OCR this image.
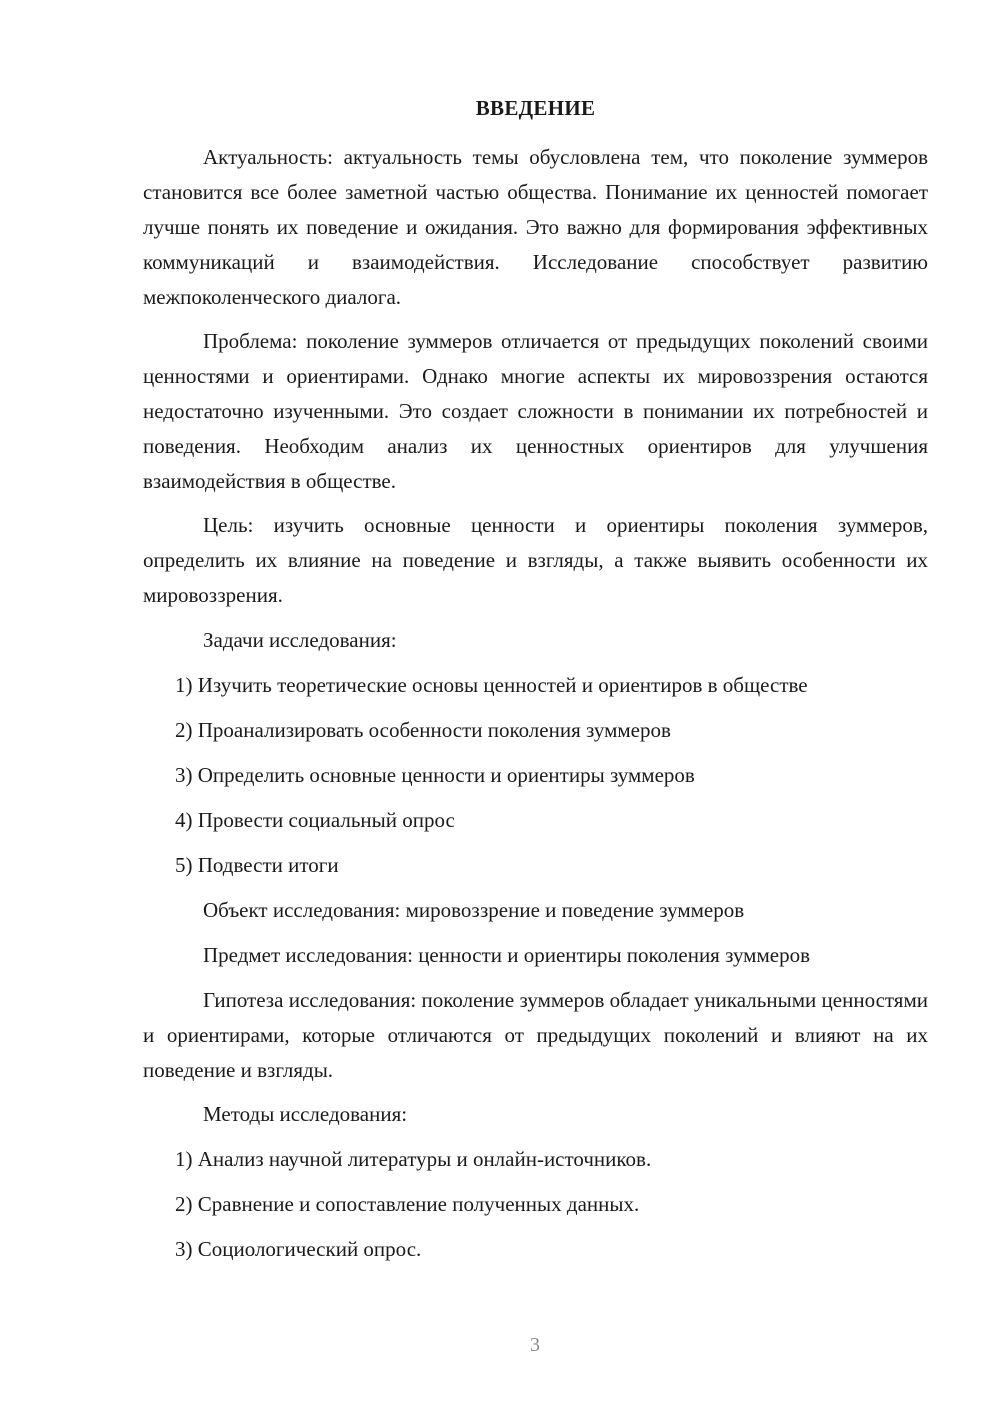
ВВЕДЕНИЕ

Актуальность: актуальность темы обусловлена тем, что поколение зуммеров становится все более заметной частью общества. Понимание их ценностей помогает лучше понять их поведение и ожидания. Это важно для формирования эффективных коммуникаций и взаимодействия. Исследование способствует развитию межпоколенческого диалога.

Проблема: поколение зуммеров отличается от предыдущих поколений своими ценностями и ориентирами. Однако многие аспекты их мировоззрения остаются недостаточно изученными. Это создает сложности в понимании их потребностей и поведения. Необходим анализ их ценностных ориентиров для улучшения взаимодействия в обществе.

Цель: изучить основные ценности и ориентиры поколения зуммеров, определить их влияние на поведение и взгляды, а также выявить особенности их мировоззрения.

Задачи исследования:

1) Изучить теоретические основы ценностей и ориентиров в обществе

2) Проанализировать особенности поколения зуммеров

3) Определить основные ценности и ориентиры зуммеров

4) Провести социальный опрос

5) Подвести итоги

Объект исследования: мировоззрение и поведение зуммеров

Предмет исследования: ценности и ориентиры поколения зуммеров

Гипотеза исследования: поколение зуммеров обладает уникальными ценностями и ориентирами, которые отличаются от предыдущих поколений и влияют на их поведение и взгляды.

Методы исследования:

1) Анализ научной литературы и онлайн-источников.

2) Сравнение и сопоставление полученных данных.

3) Социологический опрос.

3
